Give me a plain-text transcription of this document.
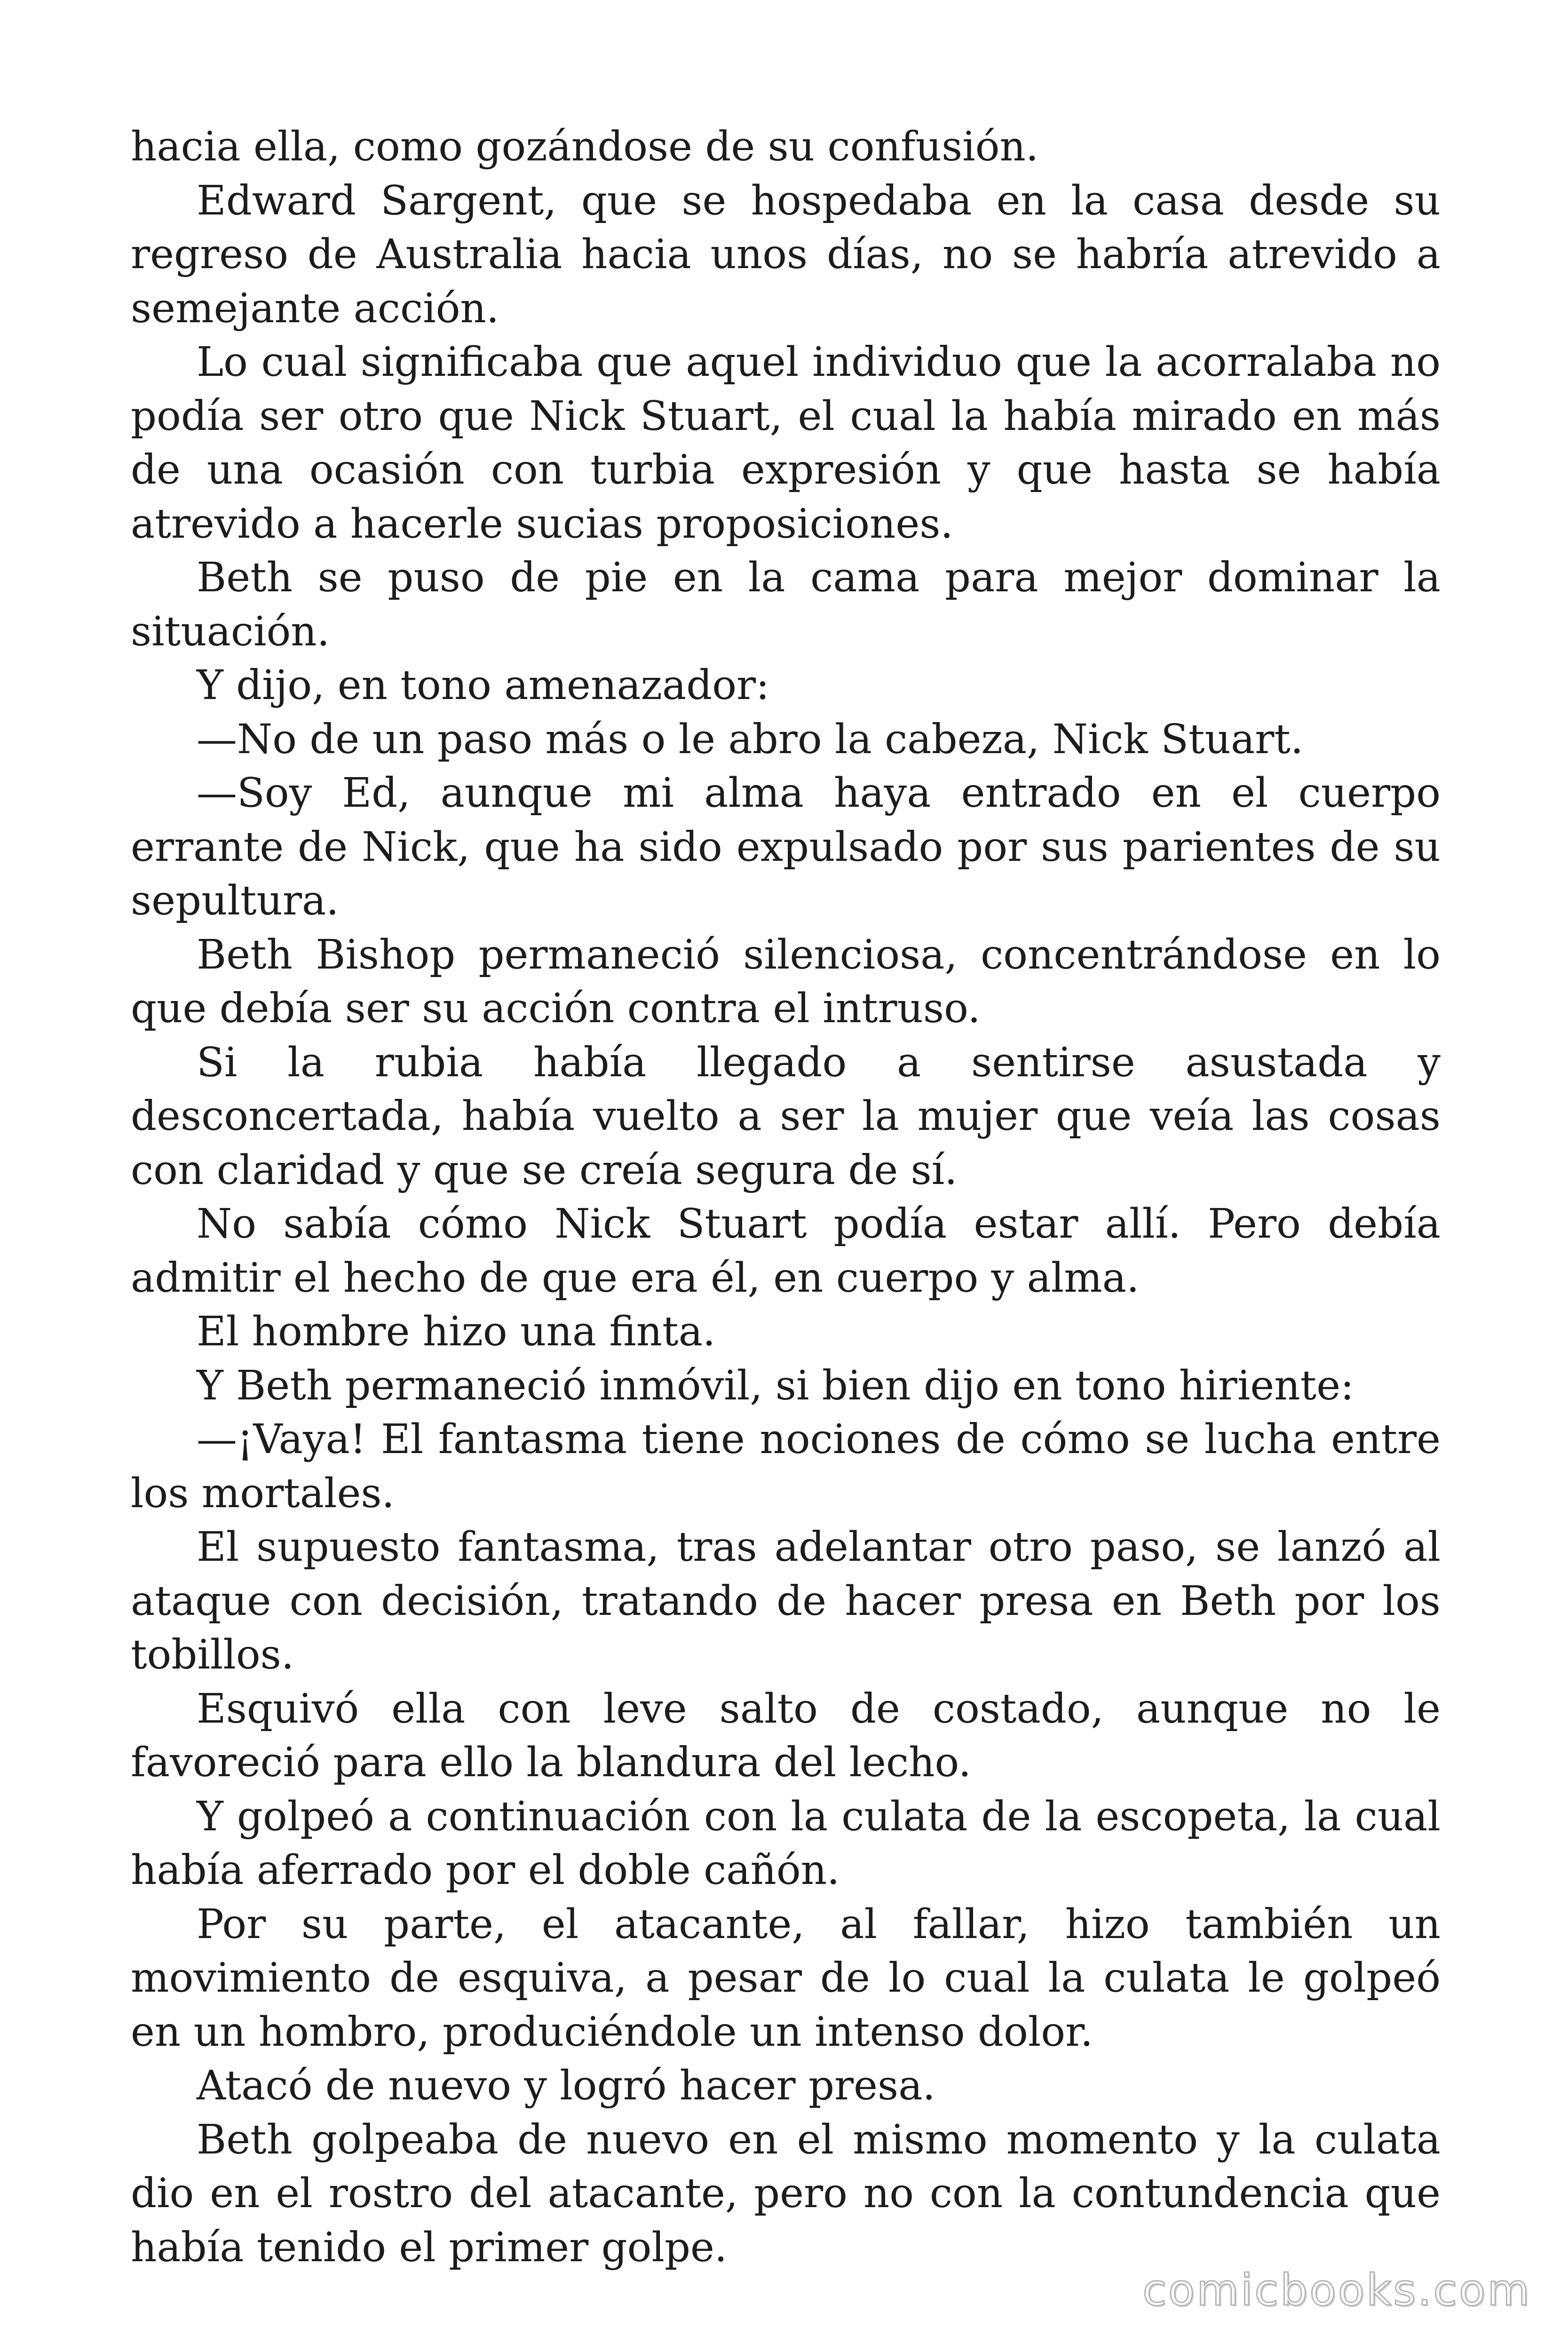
hacia ella, como gozándose de su confusión.

Edward Sargent, que se hospedaba en la casa desde su regreso de Australia hacia unos días, no se habría atrevido a semejante acción.

Lo cual significaba que aquel individuo que la acorralaba no podía ser otro que Nick Stuart, el cual la había mirado en más de una ocasión con turbia expresión y que hasta se había atrevido a hacerle sucias proposiciones.

Beth se puso de pie en la cama para mejor dominar la situación.

Y dijo, en tono amenazador:

—No de un paso más o le abro la cabeza, Nick Stuart.

—Soy Ed, aunque mi alma haya entrado en el cuerpo errante de Nick, que ha sido expulsado por sus parientes de su sepultura.

Beth Bishop permaneció silenciosa, concentrándose en lo que debía ser su acción contra el intruso.

Si la rubia había llegado a sentirse asustada y desconcertada, había vuelto a ser la mujer que veía las cosas con claridad y que se creía segura de sí.

No sabía cómo Nick Stuart podía estar allí. Pero debía admitir el hecho de que era él, en cuerpo y alma.

El hombre hizo una finta.

Y Beth permaneció inmóvil, si bien dijo en tono hiriente:

—¡Vaya! El fantasma tiene nociones de cómo se lucha entre los mortales.

El supuesto fantasma, tras adelantar otro paso, se lanzó al ataque con decisión, tratando de hacer presa en Beth por los tobillos.

Esquivó ella con leve salto de costado, aunque no le favoreció para ello la blandura del lecho.

Y golpeó a continuación con la culata de la escopeta, la cual había aferrado por el doble cañón.

Por su parte, el atacante, al fallar, hizo también un movimiento de esquiva, a pesar de lo cual la culata le golpeó en un hombro, produciéndole un intenso dolor.

Atacó de nuevo y logró hacer presa.

Beth golpeaba de nuevo en el mismo momento y la culata dio en el rostro del atacante, pero no con la contundencia que había tenido el primer golpe.

comicbooks.com
